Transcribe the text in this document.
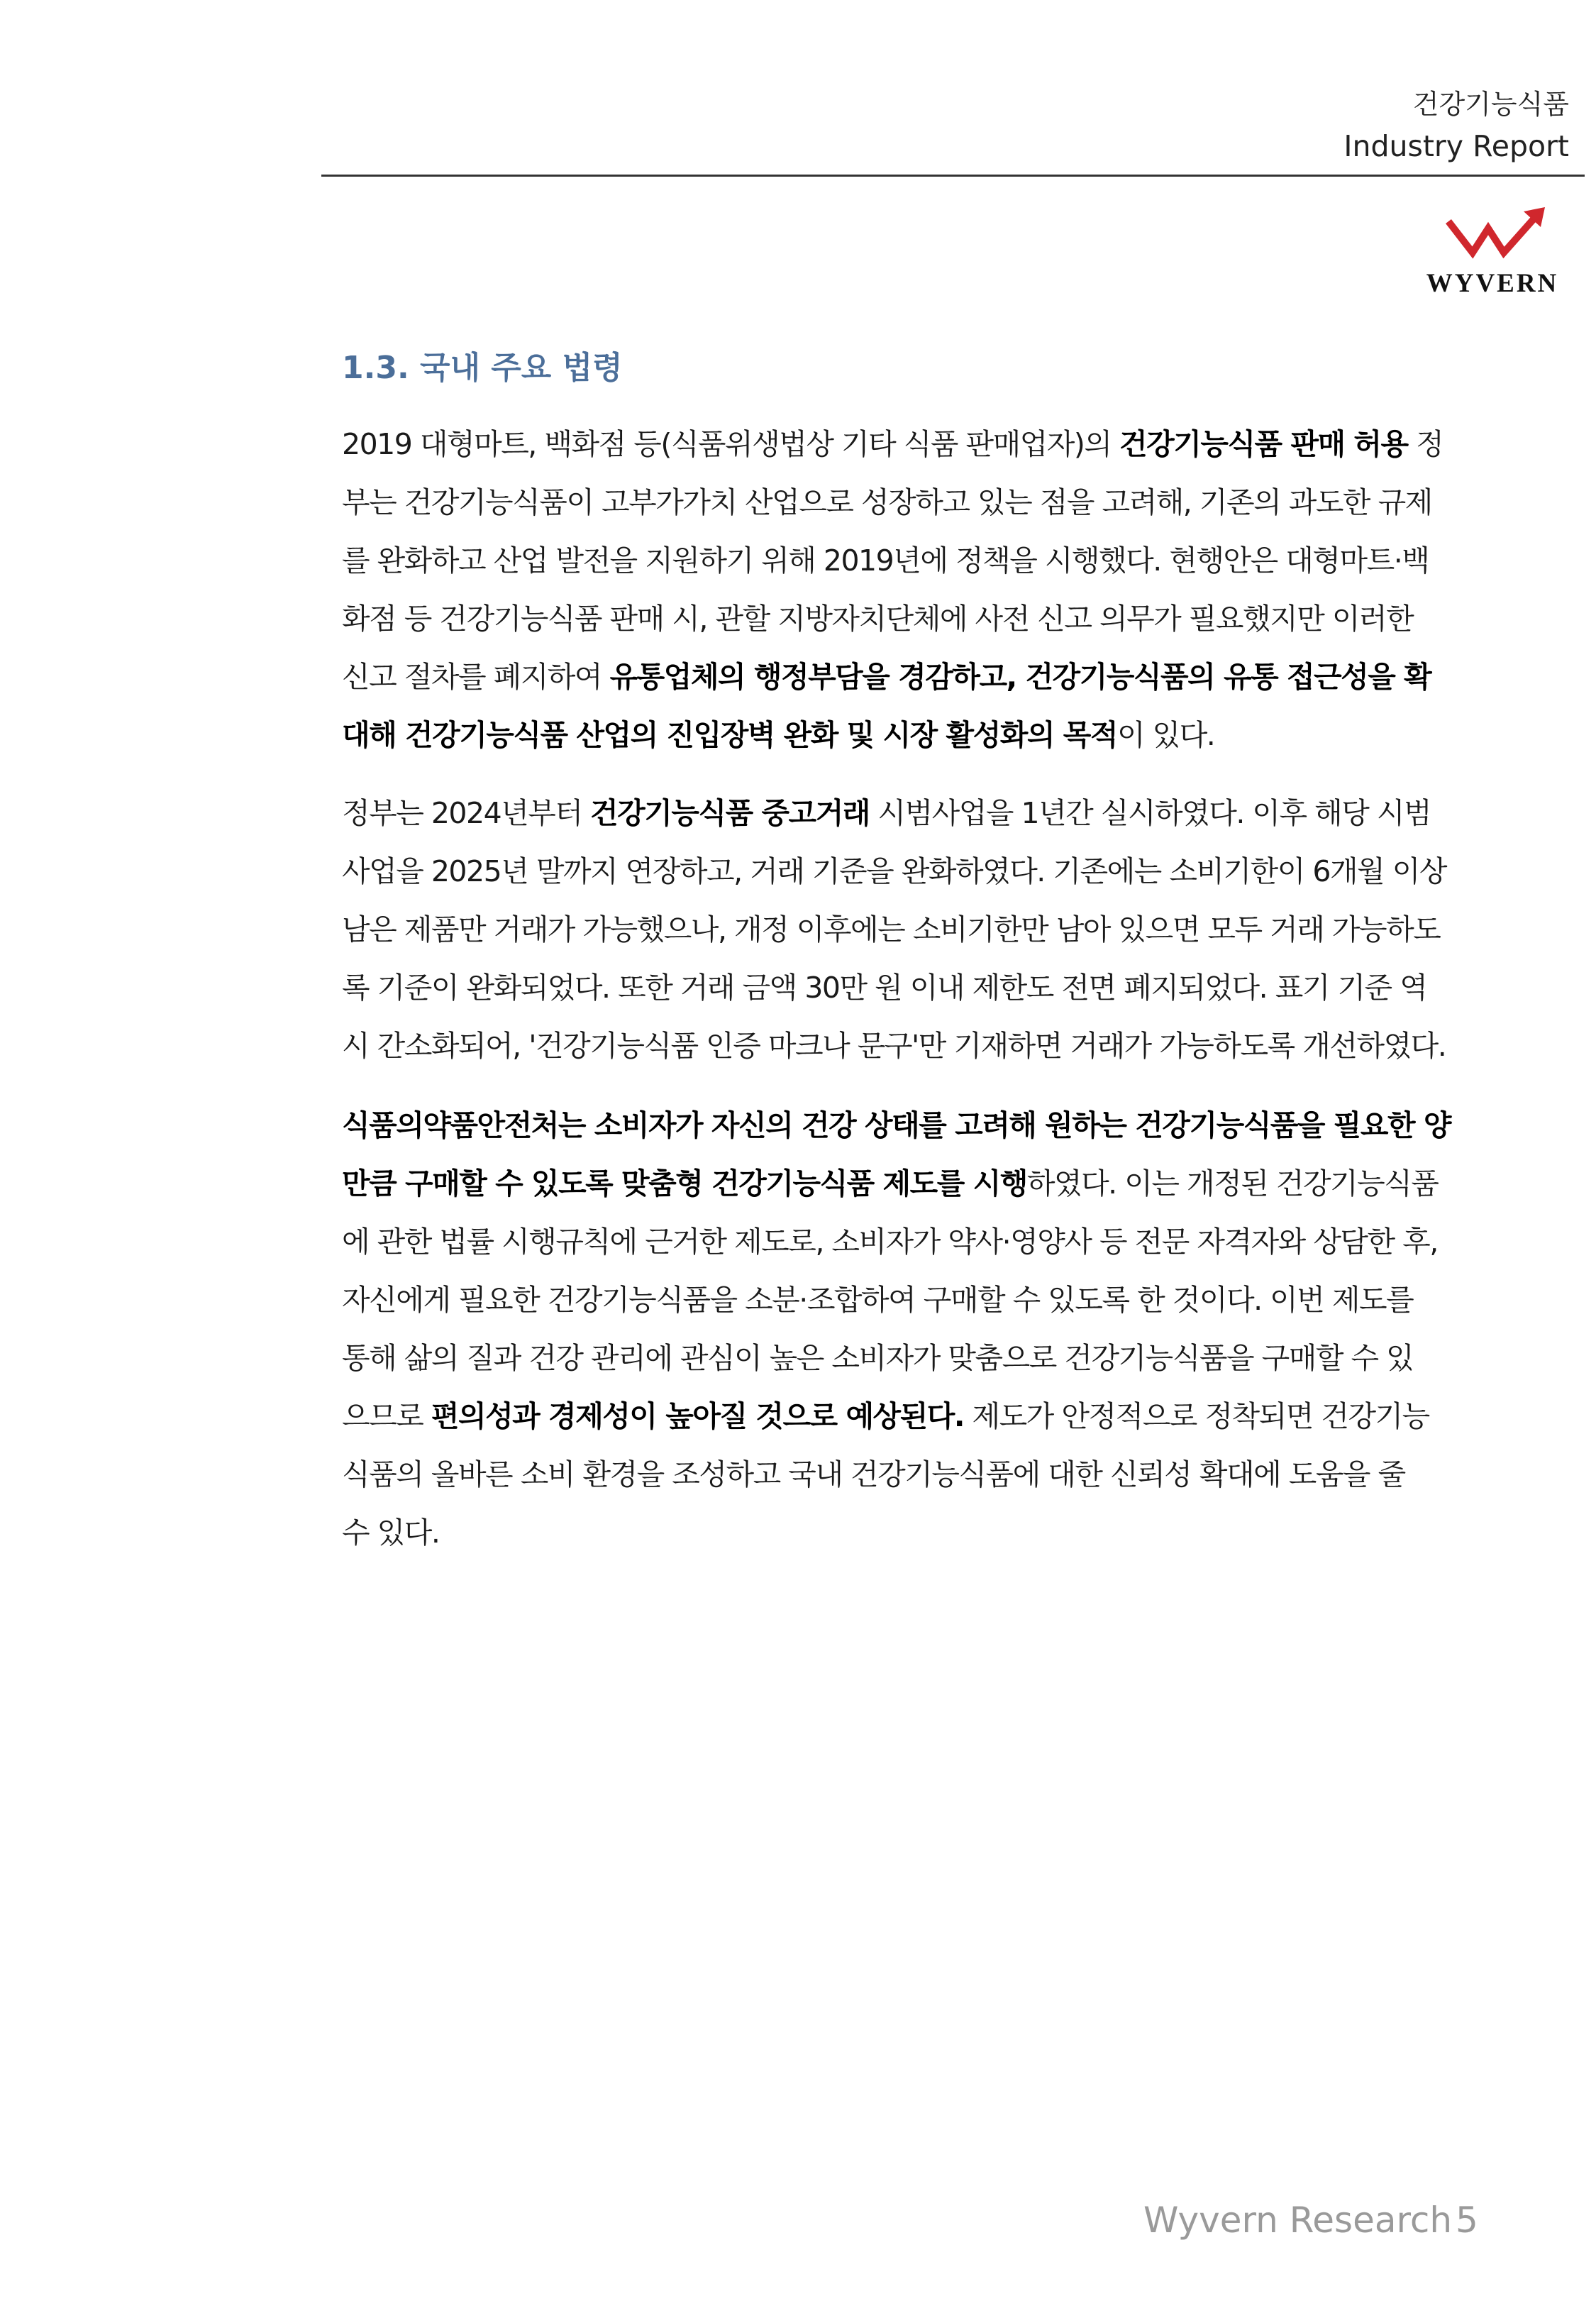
건강기능식품
Industry Report
WYVERN
1.3. 국내 주요 법령
2019 대형마트, 백화점 등(식품위생법상 기타 식품 판매업자)의 건강기능식품 판매 허용 정
부는 건강기능식품이 고부가가치 산업으로 성장하고 있는 점을 고려해, 기존의 과도한 규제
를 완화하고 산업 발전을 지원하기 위해 2019년에 정책을 시행했다. 현행안은 대형마트·백
화점 등 건강기능식품 판매 시, 관할 지방자치단체에 사전 신고 의무가 필요했지만 이러한
신고 절차를 폐지하여 유통업체의 행정부담을 경감하고, 건강기능식품의 유통 접근성을 확
대해 건강기능식품 산업의 진입장벽 완화 및 시장 활성화의 목적이 있다.
정부는 2024년부터 건강기능식품 중고거래 시범사업을 1년간 실시하였다. 이후 해당 시범
사업을 2025년 말까지 연장하고, 거래 기준을 완화하였다. 기존에는 소비기한이 6개월 이상
남은 제품만 거래가 가능했으나, 개정 이후에는 소비기한만 남아 있으면 모두 거래 가능하도
록 기준이 완화되었다. 또한 거래 금액 30만 원 이내 제한도 전면 폐지되었다. 표기 기준 역
시 간소화되어, '건강기능식품 인증 마크나 문구'만 기재하면 거래가 가능하도록 개선하였다.
식품의약품안전처는 소비자가 자신의 건강 상태를 고려해 원하는 건강기능식품을 필요한 양
만큼 구매할 수 있도록 맞춤형 건강기능식품 제도를 시행하였다. 이는 개정된 건강기능식품
에 관한 법률 시행규칙에 근거한 제도로, 소비자가 약사·영양사 등 전문 자격자와 상담한 후,
자신에게 필요한 건강기능식품을 소분·조합하여 구매할 수 있도록 한 것이다. 이번 제도를
통해 삶의 질과 건강 관리에 관심이 높은 소비자가 맞춤으로 건강기능식품을 구매할 수 있
으므로 편의성과 경제성이 높아질 것으로 예상된다. 제도가 안정적으로 정착되면 건강기능
식품의 올바른 소비 환경을 조성하고 국내 건강기능식품에 대한 신뢰성 확대에 도움을 줄
수 있다.
Wyvern Research 5
